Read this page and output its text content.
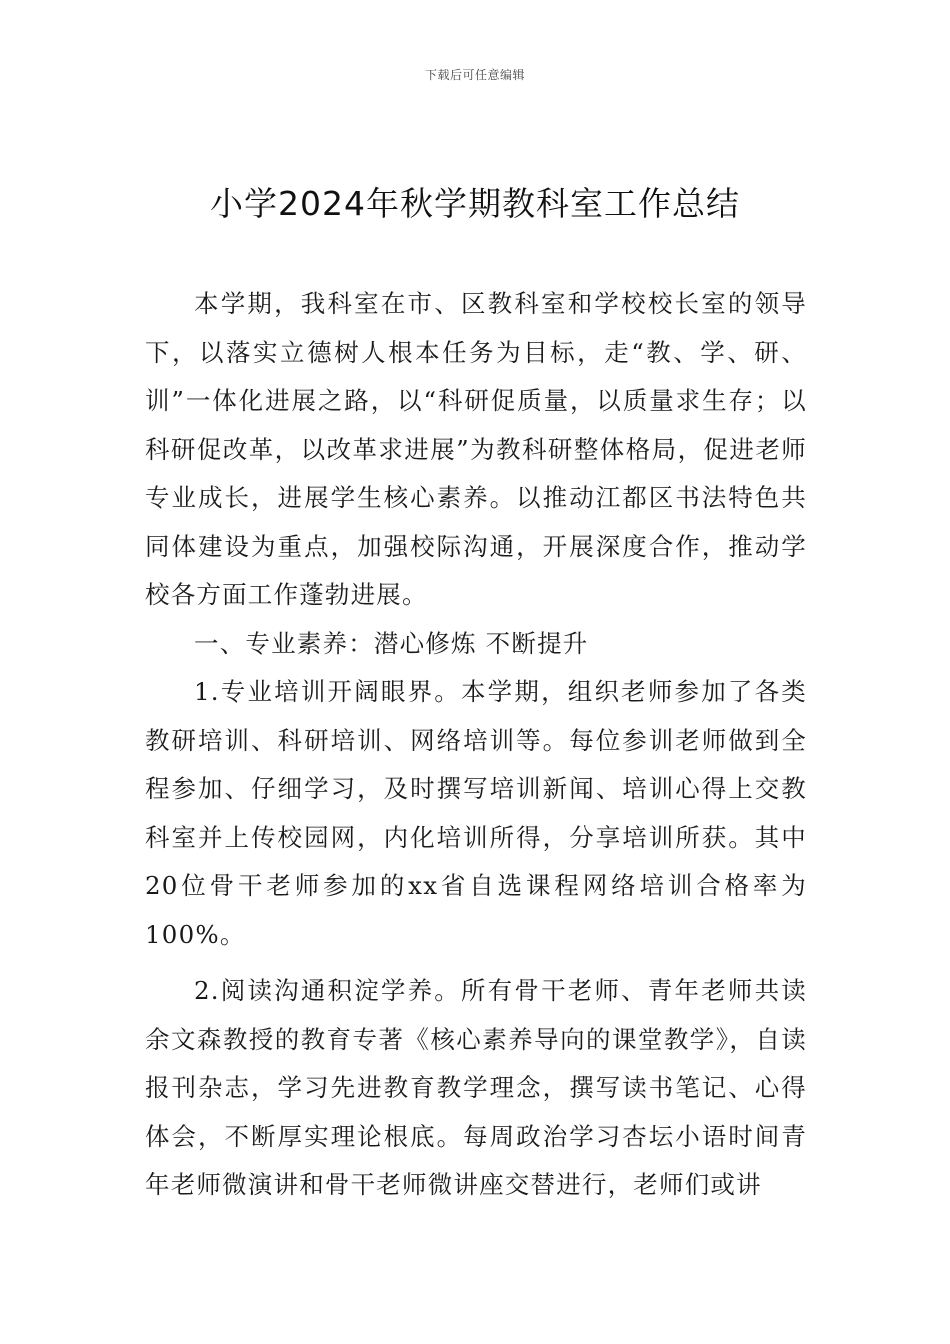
下载后可任意编辑
小学2024年秋学期教科室工作总结

本学期，我科室在市、区教科室和学校校长室的领导下，以落实立德树人根本任务为目标，走“教、学、研、训”一体化进展之路，以“科研促质量，以质量求生存；以科研促改革，以改革求进展”为教科研整体格局，促进老师专业成长，进展学生核心素养。以推动江都区书法特色共同体建设为重点，加强校际沟通，开展深度合作，推动学校各方面工作蓬勃进展。

一、专业素养：潜心修炼 不断提升

1.专业培训开阔眼界。本学期，组织老师参加了各类教研培训、科研培训、网络培训等。每位参训老师做到全程参加、仔细学习，及时撰写培训新闻、培训心得上交教科室并上传校园网，内化培训所得，分享培训所获。其中20位骨干老师参加的xx省自选课程网络培训合格率为100%。

2.阅读沟通积淀学养。所有骨干老师、青年老师共读余文森教授的教育专著《核心素养导向的课堂教学》，自读报刊杂志，学习先进教育教学理念，撰写读书笔记、心得体会，不断厚实理论根底。每周政治学习杏坛小语时间青年老师微演讲和骨干老师微讲座交替进行，老师们或讲
